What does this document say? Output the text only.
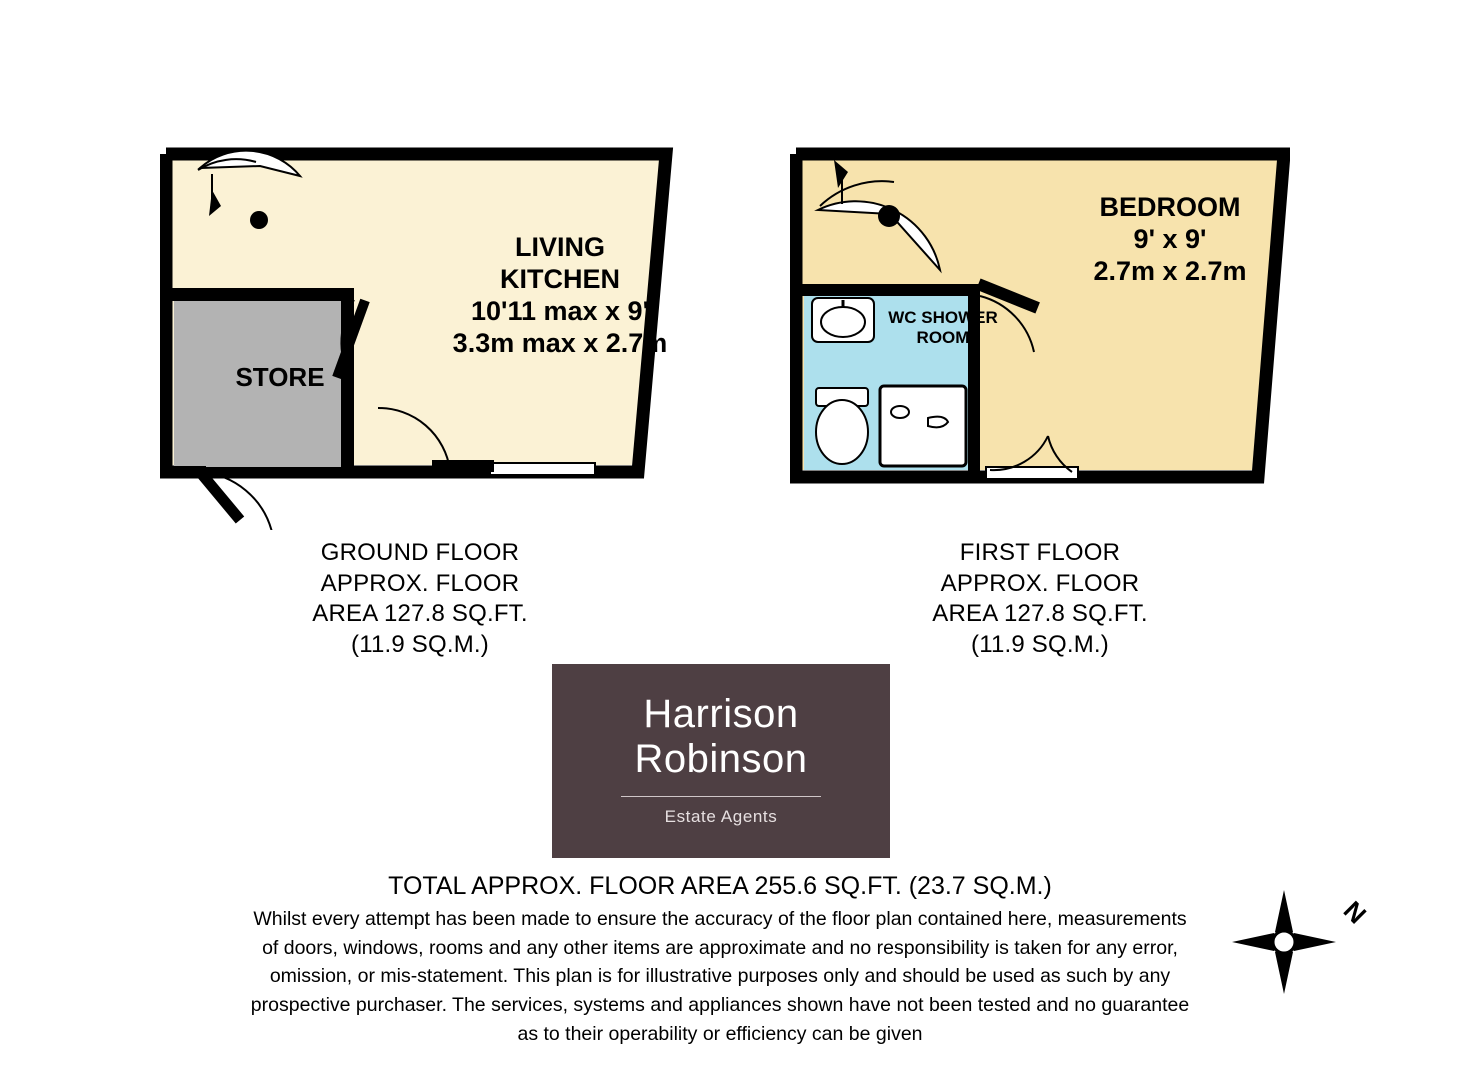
LIVING
KITCHEN
10'11 max x 9'
3.3m max x 2.7m
STORE
BEDROOM
9' x 9'
2.7m x 2.7m
WC SHOWER
ROOM
GROUND FLOOR
APPROX. FLOOR
AREA 127.8 SQ.FT.
(11.9 SQ.M.)
FIRST FLOOR
APPROX. FLOOR
AREA 127.8 SQ.FT.
(11.9 SQ.M.)
Harrison
Robinson
Estate Agents
TOTAL APPROX. FLOOR AREA 255.6 SQ.FT. (23.7 SQ.M.)
Whilst every attempt has been made to ensure the accuracy of the floor plan contained here, measurements
of doors, windows, rooms and any other items are approximate and no responsibility is taken for any error,
omission, or mis-statement. This plan is for illustrative purposes only and should be used as such by any
prospective purchaser. The services, systems and appliances shown have not been tested and no guarantee
as to their operability or efficiency can be given
N
